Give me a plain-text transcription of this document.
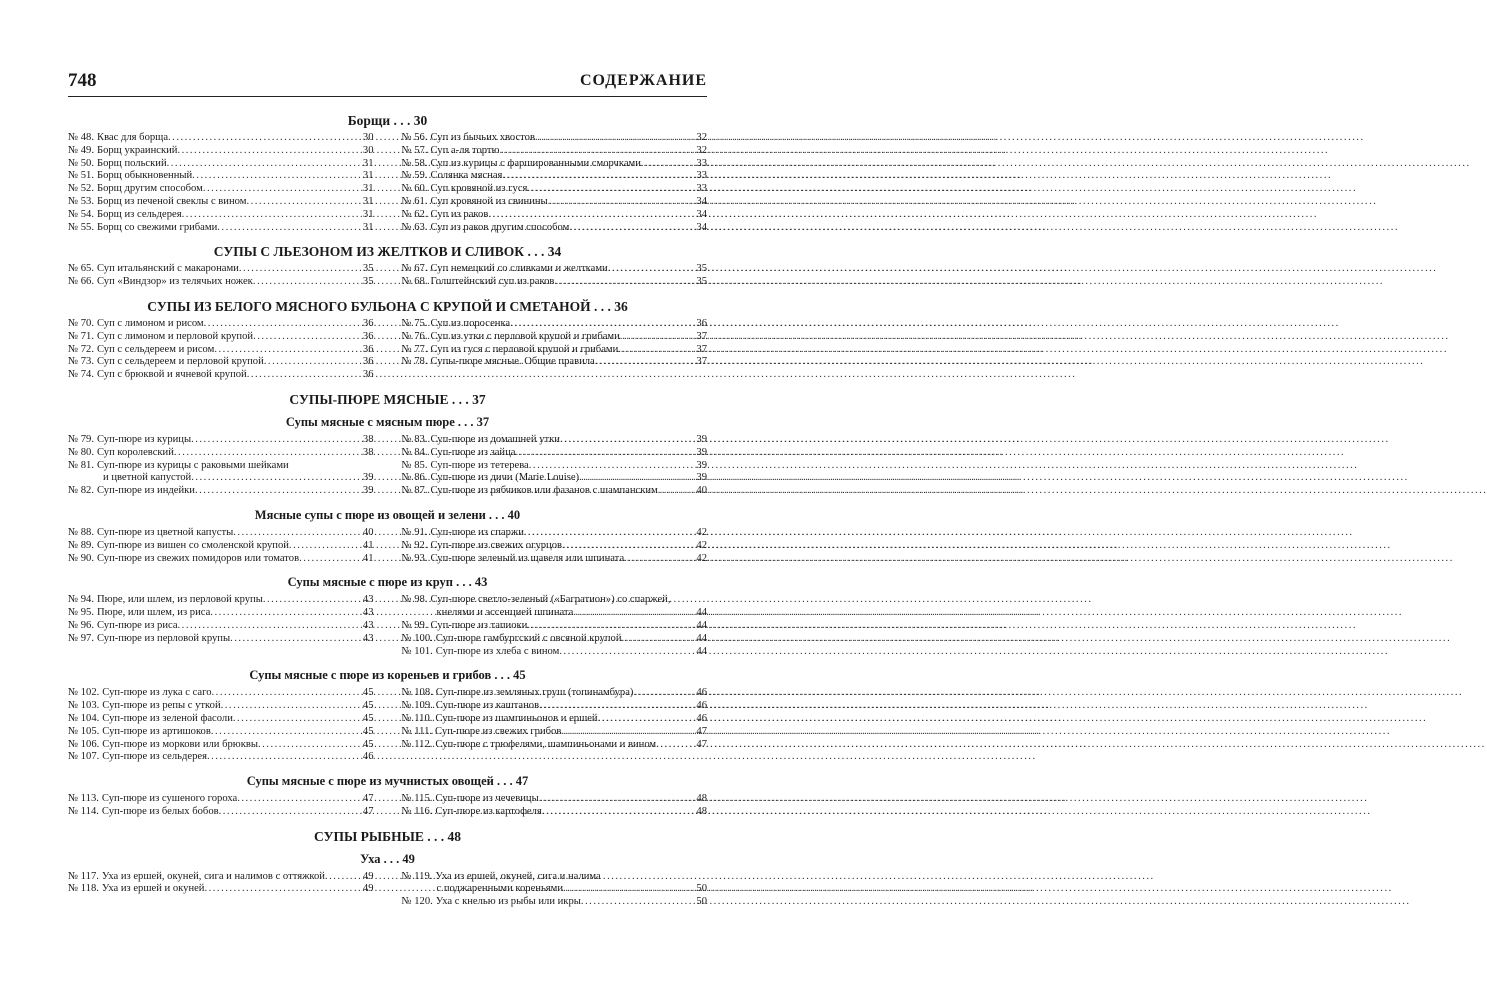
748	СОДЕРЖАНИЕ
Борщи . . . 30
№ 48. Квас для борща .....	30
№ 49. Борщ украинский .....	30
№ 50. Борщ польский .....	31
№ 51. Борщ обыкновенный .....	31
№ 52. Борщ другим способом .....	31
№ 53. Борщ из печеной свеклы с вином .....	31
№ 54. Борщ из сельдерея .....	31
№ 55. Борщ со свежими грибами .....	31
№ 56. Суп из бычьих хвостов .....	32
№ 57. Суп а-ля тортю .....	32
№ 58. Суп из курицы с фаршированными сморчками .....	33
№ 59. Солянка мясная .....	33
№ 60. Суп кровяной из гуся .....	33
№ 61. Суп кровяной из свинины .....	34
№ 62. Суп из раков .....	34
№ 63. Суп из раков другим способом .....	34
СУПЫ С ЛЬЕЗОНОМ ИЗ ЖЕЛТКОВ И СЛИВОК . . . 34
№ 65. Суп итальянский с макаронами .....	35
№ 66. Суп «Виндзор» из телячьих ножек .....	35
№ 67. Суп немецкий со сливками и желтками .....	35
№ 68. Голштейнский суп из раков .....	35
СУПЫ ИЗ БЕЛОГО МЯСНОГО БУЛЬОНА С КРУПОЙ И СМЕТАНОЙ . . . 36
№ 70. Суп с лимоном и рисом .....	36
№ 71. Суп с лимоном и перловой крупой .....	36
№ 72. Суп с сельдереем и рисом .....	36
№ 73. Суп с сельдереем и перловой крупой .....	36
№ 74. Суп с брюквой и ячневой крупой .....	36
№ 75. Суп из поросенка .....	36
№ 76. Суп из утки с перловой крупой и грибами .....	37
№ 77. Суп из гуся с перловой крупой и грибами .....	37
№ 78. Супы-пюре мясные. Общие правила .....	37
СУПЫ-ПЮРЕ МЯСНЫЕ . . . 37
Супы мясные с мясным пюре . . . 37
№ 79. Суп-пюре из курицы .....	38
№ 80. Суп королевский .....	38
№ 81. Суп-пюре из курицы с раковыми шейками
и цветной капустой .....	39
№ 82. Суп-пюре из индейки .....	39
№ 83. Суп-пюре из домашней утки .....	39
№ 84. Суп-пюре из зайца .....	39
№ 85. Суп-пюре из тетерева .....	39
№ 86. Суп-пюре из дичи (Marie Louise) .....	39
№ 87. Суп-пюре из рябчиков или фазанов с шампанским .....	40
Мясные супы с пюре из овощей и зелени . . . 40
№ 88. Суп-пюре из цветной капусты .....	40
№ 89. Суп-пюре из вишен со смоленской крупой .....	41
№ 90. Суп-пюре из свежих помидоров или томатов .....	41
№ 91. Суп-пюре из спаржи .....	42
№ 92. Суп-пюре из свежих огурцов .....	42
№ 93. Суп-пюре зеленый из щавеля или шпината .....	42
Супы мясные с пюре из круп . . . 43
№ 94. Пюре, или шлем, из перловой крупы .....	43
№ 95. Пюре, или шлем, из риса .....	43
№ 96. Суп-пюре из риса .....	43
№ 97. Суп-пюре из перловой крупы .....	43
№ 98. Суп-пюре светло-зеленый («Багратион») со спаржей,
кнелями и эссенцией шпината .....	44
№ 99. Суп-пюре из тапиоки .....	44
№ 100. Суп-пюре гамбургский с овсяной крупой .....	44
№ 101. Суп-пюре из хлеба с вином .....	44
Супы мясные с пюре из кореньев и грибов . . . 45
№ 102. Суп-пюре из лука с саго .....	45
№ 103. Суп-пюре из репы с уткой .....	45
№ 104. Суп-пюре из зеленой фасоли .....	45
№ 105. Суп-пюре из артишоков .....	45
№ 106. Суп-пюре из моркови или брюквы .....	45
№ 107. Суп-пюре из сельдерея .....	46
№ 108. Суп-пюре из земляных груш (топинамбура) .....	46
№ 109. Суп-пюре из каштанов .....	46
№ 110. Суп-пюре из шампиньонов и ершей .....	46
№ 111. Суп-пюре из свежих грибов .....	47
№ 112. Суп-пюре с трюфелями, шампиньонами и вином .....	47
Супы мясные с пюре из мучнистых овощей . . . 47
№ 113. Суп-пюре из сушеного гороха .....	47
№ 114. Суп-пюре из белых бобов .....	47
№ 115. Суп-пюре из чечевицы .....	48
№ 116. Суп-пюре из картофеля .....	48
СУПЫ РЫБНЫЕ . . . 48
Уха . . . 49
№ 117. Уха из ершей, окуней, сига и налимов с оттяжкой .....	49
№ 118. Уха из ершей и окуней .....	49
№ 119. Уха из ершей, окуней, сига и налима
с поджаренными кореньями .....	50
№ 120. Уха с кнелью из рыбы или икры .....	50
